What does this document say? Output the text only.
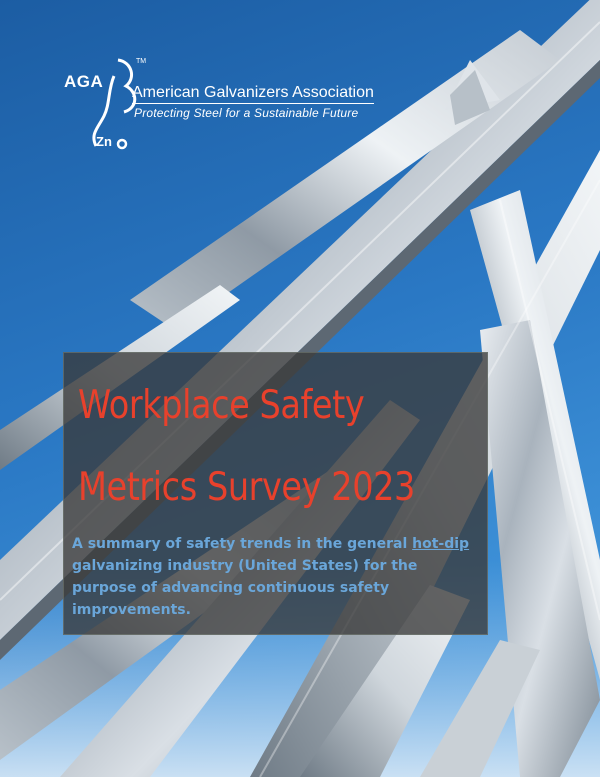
TM
AGA
Zn
American Galvanizers Association
Protecting Steel for a Sustainable Future
Workplace Safety
Metrics Survey 2023

A summary of safety trends in the general hot-dip galvanizing industry (United States) for the purpose of advancing continuous safety improvements.
